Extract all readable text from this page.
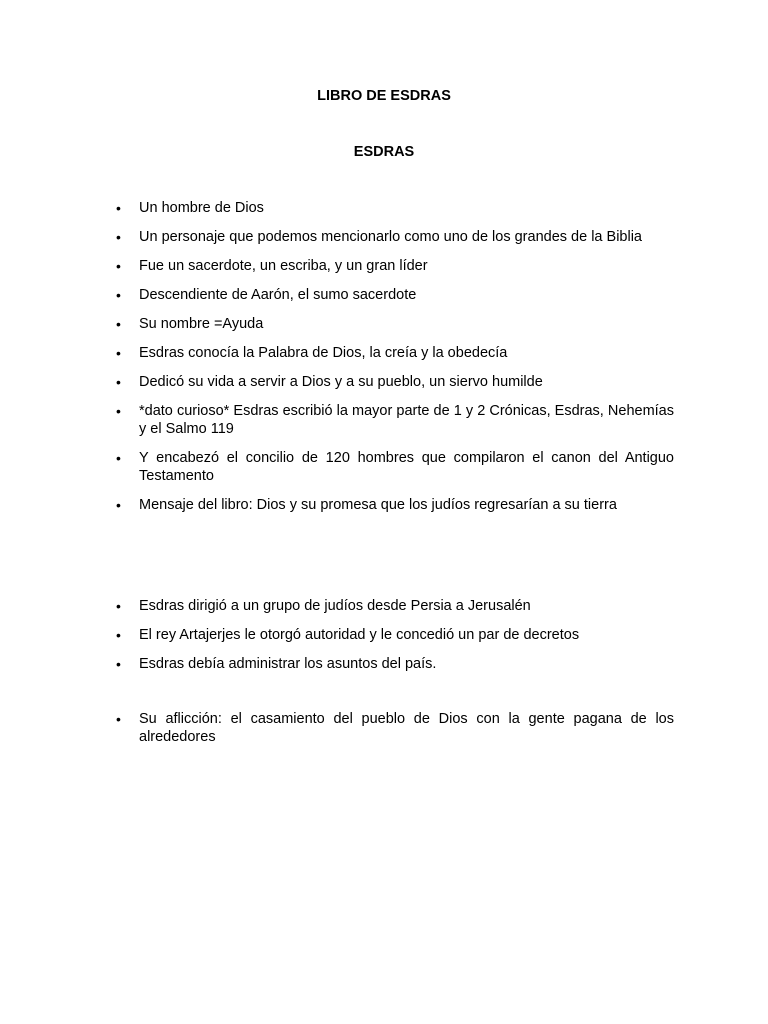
LIBRO DE ESDRAS
ESDRAS
•	Un hombre de Dios
•	Un personaje que podemos mencionarlo como uno de los grandes de la Biblia
•	Fue un sacerdote, un escriba, y un gran líder
•	Descendiente de Aarón, el sumo sacerdote
•	Su nombre =Ayuda
•	Esdras conocía la Palabra de Dios, la creía y la obedecía
•	Dedicó su vida a servir a Dios y a su pueblo, un siervo humilde
•	*dato curioso* Esdras escribió la mayor parte de 1 y 2 Crónicas, Esdras, Nehemías y el Salmo 119
•	Y encabezó el concilio de 120 hombres que compilaron el canon del Antiguo Testamento
•	Mensaje del libro: Dios y su promesa que los judíos regresarían a su tierra
•	Esdras dirigió a un grupo de judíos desde Persia a Jerusalén
•	El rey Artajerjes le otorgó autoridad y le concedió un par de decretos
•	Esdras debía administrar los asuntos del país.
•	Su aflicción: el casamiento del pueblo de Dios con la gente pagana de los alrededores
